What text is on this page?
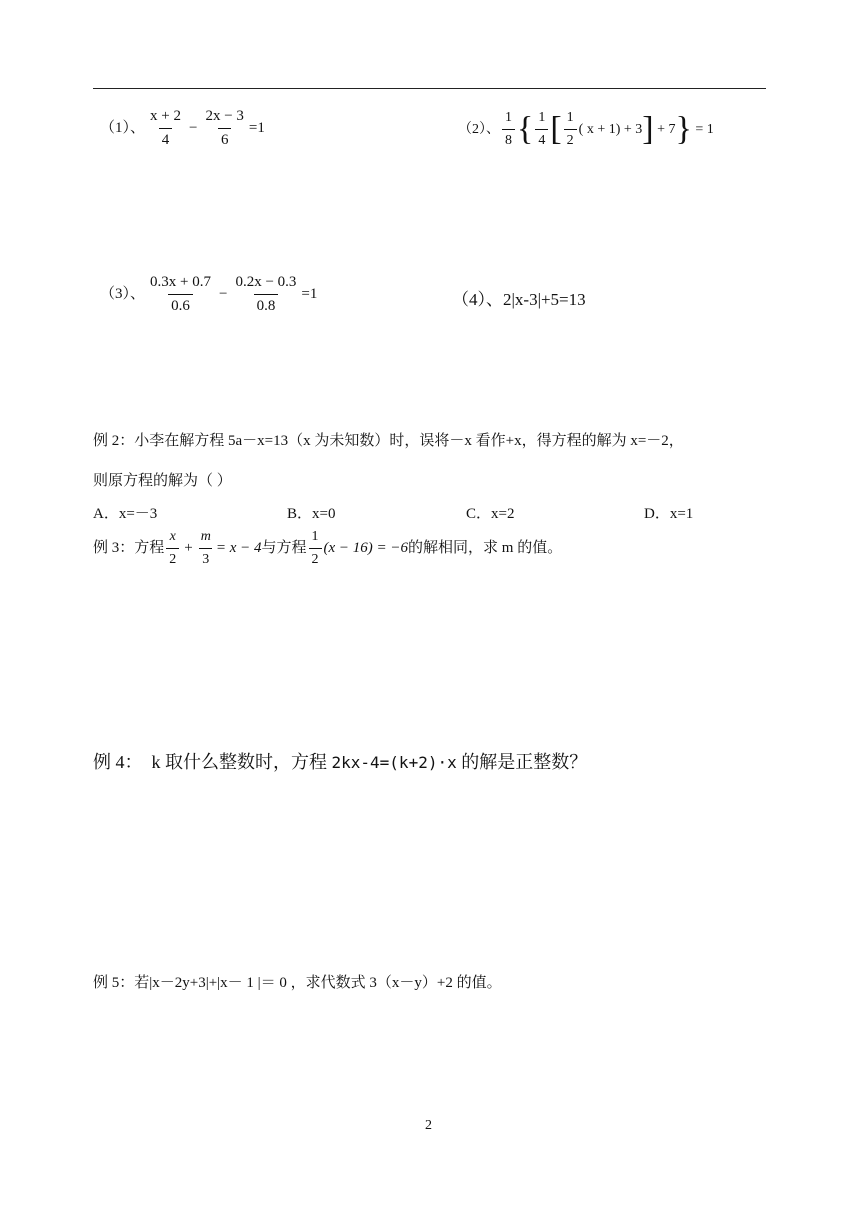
（1）、 $\frac{x + 2}{4} - \frac{2x - 3}{6} =1$	（2）、 $\frac{1}{8}$ { $\frac{1}{4}$ [ $\frac{1}{2}$ ( x + 1) + 3] + 7} = 1
（3）、 $\frac{0.3x + 0.7}{0.6} - \frac{0.2x - 0.3}{0.8} =1$	（4）、2|x-3|+5=13
例 2：小李在解方程 5a－x=13（x 为未知数）时，误将－x 看作+x，得方程的解为 x=－2，
则原方程的解为（ ）
A．x=－3	B．x=0	C．x=2	D．x=1
例 3：方程 $\frac{x}{2} + \frac{m}{3} = x - 4$与方程 $\frac{1}{2} (x - 16) = -6$的解相同，求 m 的值。
例 4： k 取什么整数时，方程 2kx-4=(k+2)·x 的解是正整数？
例 5：若|x－2y+3|+|x－ 1 |＝ 0 ，求代数式 3（x－y）+2 的值。
2
